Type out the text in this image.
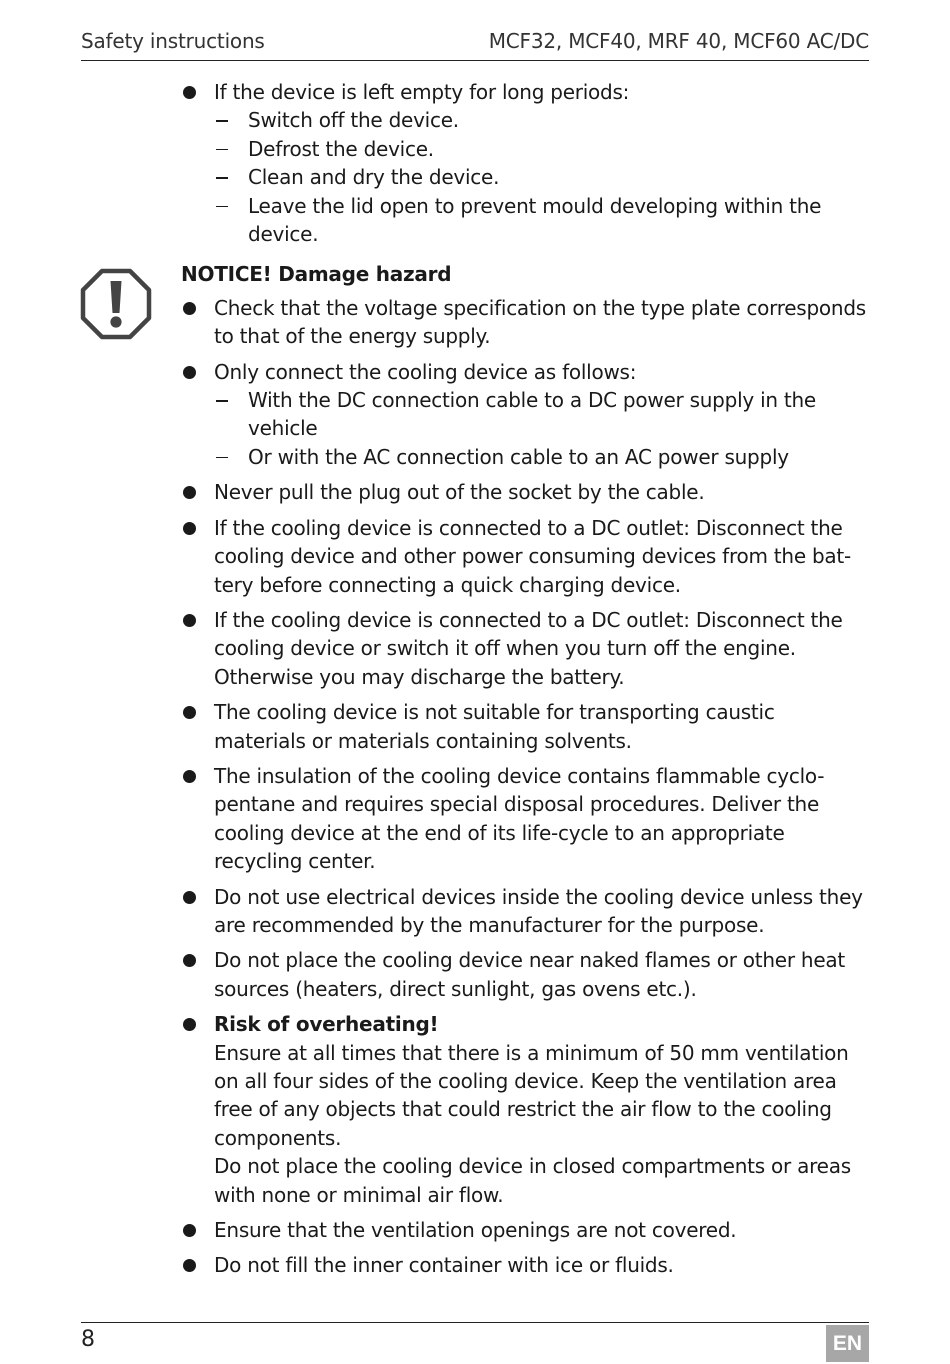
Safety instructions	MCF32, MCF40, MRF 40, MCF60 AC/DC
If the device is left empty for long periods:
Switch off the device.
Defrost the device.
Clean and dry the device.
Leave the lid open to prevent mould developing within the device.
NOTICE! Damage hazard
Check that the voltage specification on the type plate corresponds to that of the energy supply.
Only connect the cooling device as follows:
With the DC connection cable to a DC power supply in the vehicle
Or with the AC connection cable to an AC power supply
Never pull the plug out of the socket by the cable.
If the cooling device is connected to a DC outlet: Disconnect the cooling device and other power consuming devices from the bat-tery before connecting a quick charging device.
If the cooling device is connected to a DC outlet: Disconnect the cooling device or switch it off when you turn off the engine. Otherwise you may discharge the battery.
The cooling device is not suitable for transporting caustic materials or materials containing solvents.
The insulation of the cooling device contains flammable cyclo-pentane and requires special disposal procedures. Deliver the cooling device at the end of its life-cycle to an appropriate recycling center.
Do not use electrical devices inside the cooling device unless they are recommended by the manufacturer for the purpose.
Do not place the cooling device near naked flames or other heat sources (heaters, direct sunlight, gas ovens etc.).
Risk of overheating!
Ensure at all times that there is a minimum of 50 mm ventilation on all four sides of the cooling device. Keep the ventilation area free of any objects that could restrict the air flow to the cooling components.
Do not place the cooling device in closed compartments or areas with none or minimal air flow.
Ensure that the ventilation openings are not covered.
Do not fill the inner container with ice or fluids.
8	EN
